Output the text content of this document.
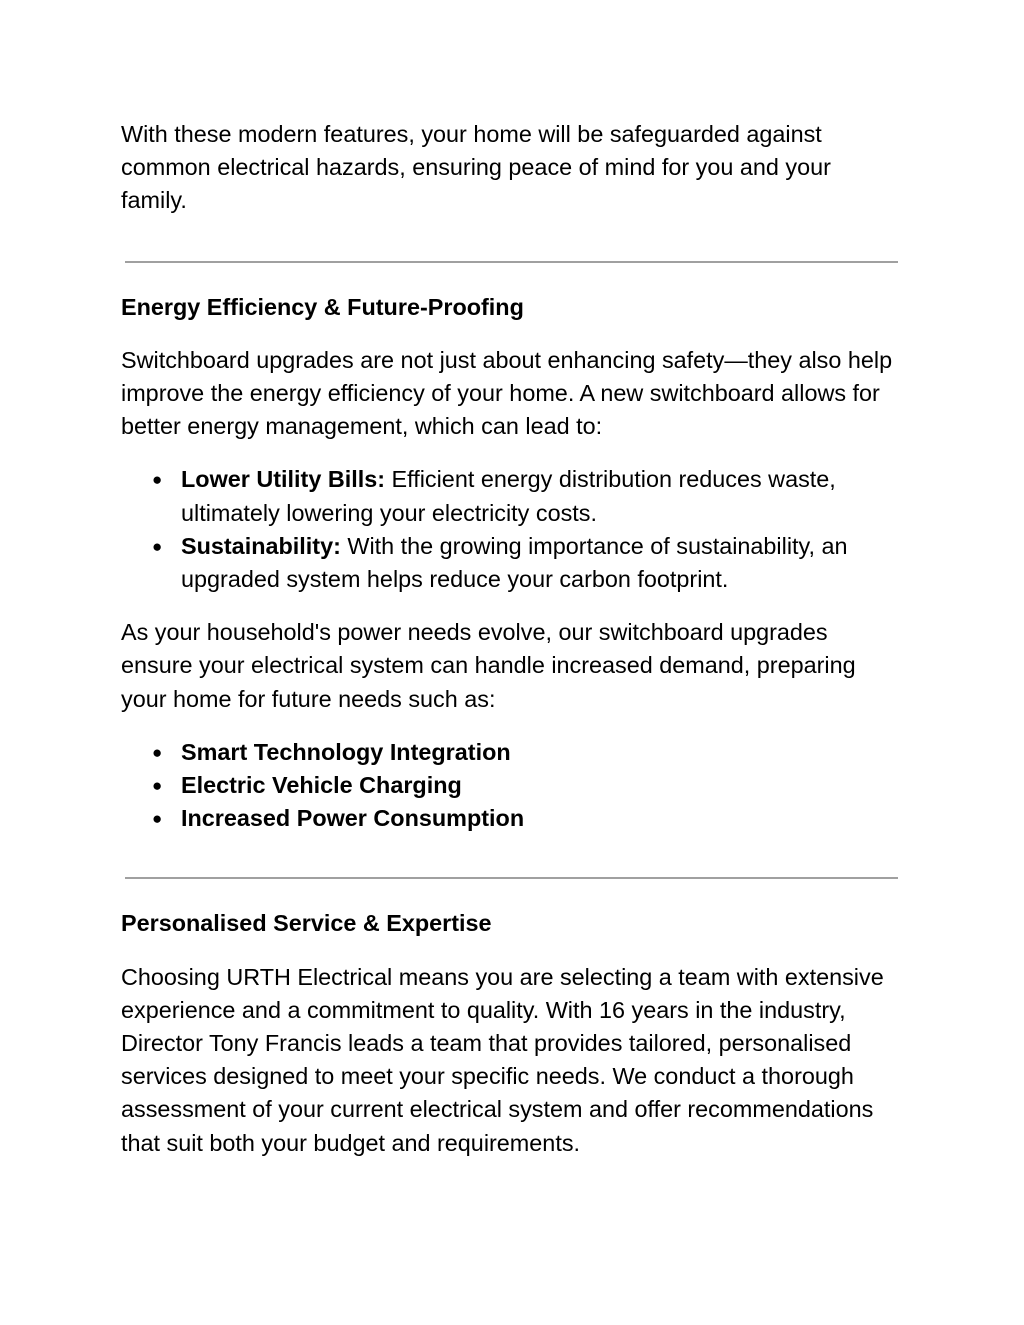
With these modern features, your home will be safeguarded against common electrical hazards, ensuring peace of mind for you and your family.

Energy Efficiency & Future-Proofing

Switchboard upgrades are not just about enhancing safety—they also help improve the energy efficiency of your home. A new switchboard allows for better energy management, which can lead to:

● Lower Utility Bills: Efficient energy distribution reduces waste, ultimately lowering your electricity costs.
● Sustainability: With the growing importance of sustainability, an upgraded system helps reduce your carbon footprint.

As your household's power needs evolve, our switchboard upgrades ensure your electrical system can handle increased demand, preparing your home for future needs such as:

● Smart Technology Integration
● Electric Vehicle Charging
● Increased Power Consumption
Personalised Service & Expertise

Choosing URTH Electrical means you are selecting a team with extensive experience and a commitment to quality. With 16 years in the industry, Director Tony Francis leads a team that provides tailored, personalised services designed to meet your specific needs. We conduct a thorough assessment of your current electrical system and offer recommendations that suit both your budget and requirements.
